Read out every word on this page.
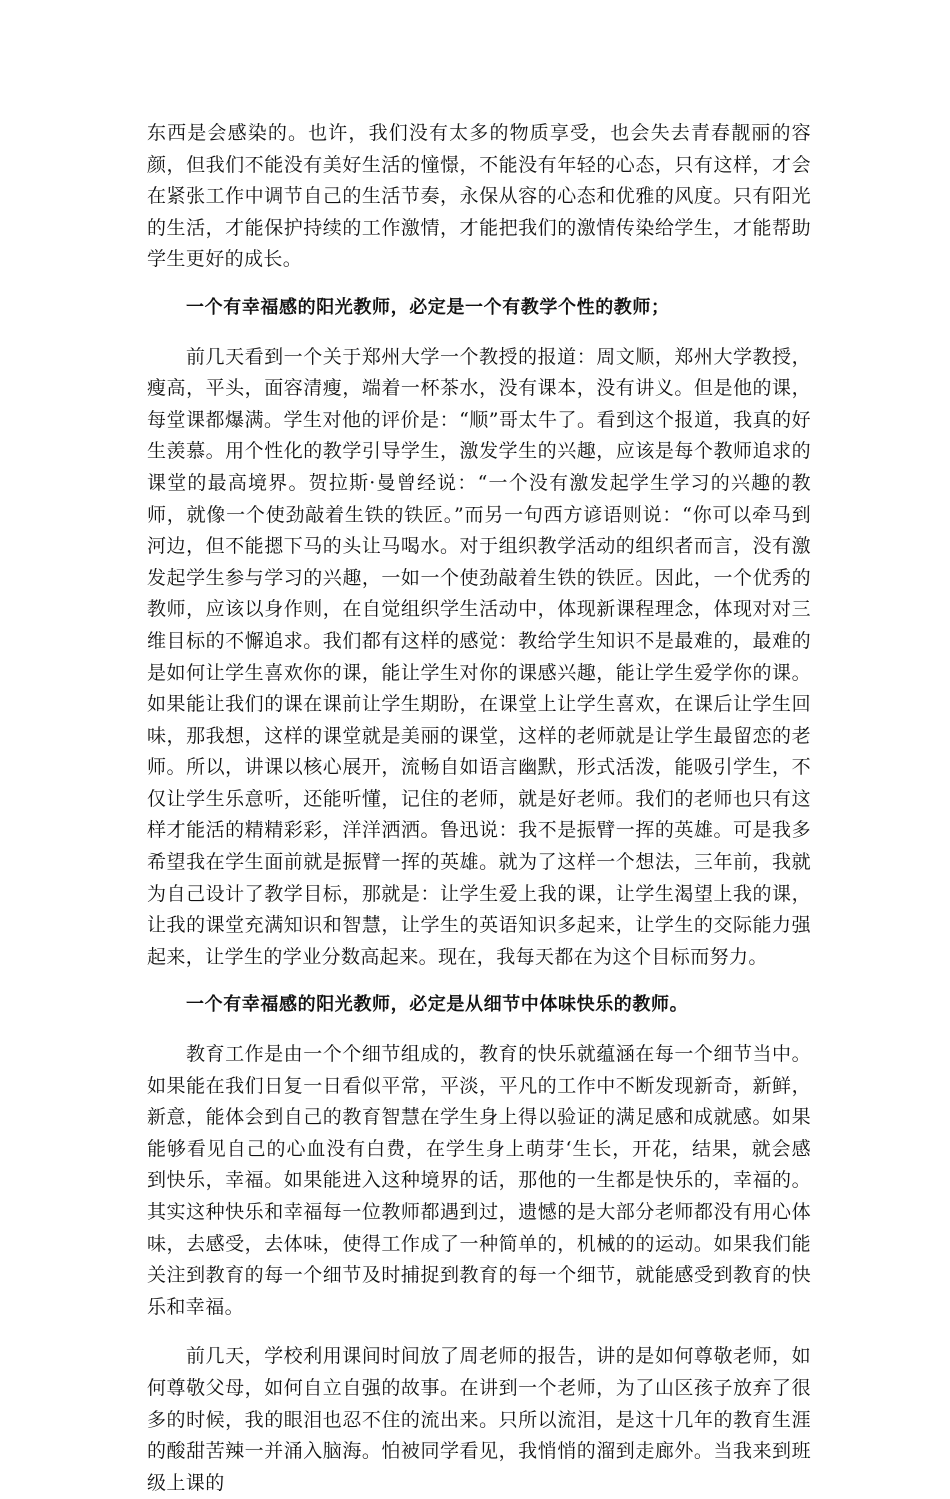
东西是会感染的。也许，我们没有太多的物质享受，也会失去青春靓丽的容颜，但我们不能没有美好生活的憧憬，不能没有年轻的心态，只有这样，才会在紧张工作中调节自己的生活节奏，永保从容的心态和优雅的风度。只有阳光的生活，才能保护持续的工作激情，才能把我们的激情传染给学生，才能帮助学生更好的成长。

一个有幸福感的阳光教师，必定是一个有教学个性的教师；

前几天看到一个关于郑州大学一个教授的报道：周文顺，郑州大学教授，瘦高，平头，面容清瘦，端着一杯茶水，没有课本，没有讲义。但是他的课，每堂课都爆满。学生对他的评价是：“顺”哥太牛了。看到这个报道，我真的好生羡慕。用个性化的教学引导学生，激发学生的兴趣，应该是每个教师追求的课堂的最高境界。贺拉斯·曼曾经说：“一个没有激发起学生学习的兴趣的教师，就像一个使劲敲着生铁的铁匠。”而另一句西方谚语则说：“你可以牵马到河边，但不能摁下马的头让马喝水。对于组织教学活动的组织者而言，没有激发起学生参与学习的兴趣，一如一个使劲敲着生铁的铁匠。因此，一个优秀的教师，应该以身作则，在自觉组织学生活动中，体现新课程理念，体现对对三维目标的不懈追求。我们都有这样的感觉：教给学生知识不是最难的，最难的是如何让学生喜欢你的课，能让学生对你的课感兴趣，能让学生爱学你的课。如果能让我们的课在课前让学生期盼，在课堂上让学生喜欢，在课后让学生回味，那我想，这样的课堂就是美丽的课堂，这样的老师就是让学生最留恋的老师。所以，讲课以核心展开，流畅自如语言幽默，形式活泼，能吸引学生，不仅让学生乐意听，还能听懂，记住的老师，就是好老师。我们的老师也只有这样才能活的精精彩彩，洋洋洒洒。鲁迅说：我不是振臂一挥的英雄。可是我多希望我在学生面前就是振臂一挥的英雄。就为了这样一个想法，三年前，我就为自己设计了教学目标，那就是：让学生爱上我的课，让学生渴望上我的课，让我的课堂充满知识和智慧，让学生的英语知识多起来，让学生的交际能力强起来，让学生的学业分数高起来。现在，我每天都在为这个目标而努力。

一个有幸福感的阳光教师，必定是从细节中体味快乐的教师。

教育工作是由一个个细节组成的，教育的快乐就蕴涵在每一个细节当中。如果能在我们日复一日看似平常，平淡，平凡的工作中不断发现新奇，新鲜，新意，能体会到自己的教育智慧在学生身上得以验证的满足感和成就感。如果能够看见自己的心血没有白费，在学生身上萌芽‘生长，开花，结果，就会感到快乐，幸福。如果能进入这种境界的话，那他的一生都是快乐的，幸福的。其实这种快乐和幸福每一位教师都遇到过，遗憾的是大部分老师都没有用心体味，去感受，去体味，使得工作成了一种简单的，机械的的运动。如果我们能关注到教育的每一个细节及时捕捉到教育的每一个细节，就能感受到教育的快乐和幸福。

前几天，学校利用课间时间放了周老师的报告，讲的是如何尊敬老师，如何尊敬父母，如何自立自强的故事。在讲到一个老师，为了山区孩子放弃了很多的时候，我的眼泪也忍不住的流出来。只所以流泪，是这十几年的教育生涯的酸甜苦辣一并涌入脑海。怕被同学看见，我悄悄的溜到走廊外。当我来到班级上课的
